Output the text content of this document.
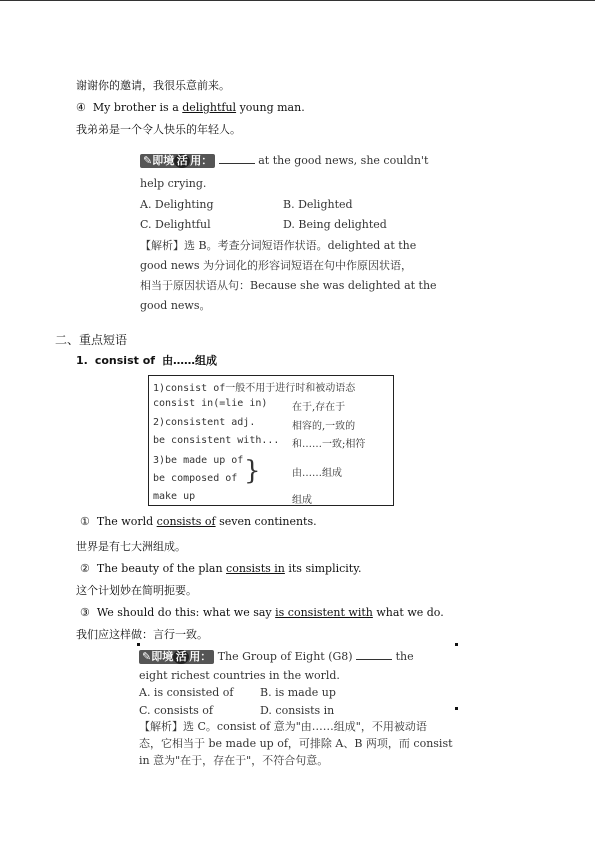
谢谢你的邀请，我很乐意前来。
④ My brother is a delightful young man.
我弟弟是一个令人快乐的年轻人。
✎即境 活 用：	at the good news, she couldn't
help crying.
A. Delighting	B. Delighted
C. Delightful	D. Being delighted
【解析】选 B。考查分词短语作状语。delighted at the
good news 为分词化的形容词短语在句中作原因状语，
相当于原因状语从句：Because she was delighted at the
good news。
二、重点短语
1. consist of 由……组成
1)consist of一般不用于进行时和被动语态
consist in(=lie in) 在于,存在于
2)consistent adj.	相容的,一致的
be consistent with... 和……一致;相符
3)be made up of
be composed of }	由……组成
make up	组成
① The world consists of seven continents.
世界是有七大洲组成。
② The beauty of the plan consists in its simplicity.
这个计划妙在简明扼要。
③ We should do this: what we say is consistent with what we do.
我们应这样做：言行一致。
✎即境 活 用： The Group of Eight (G8)	the
eight richest countries in the world.
A. is consisted of B. is made up
C. consists of	D. consists in
【解析】选 C。consist of 意为"由……组成"，不用被动语
态，它相当于 be made up of，可排除 A、B 两项，而 consist
in 意为"在于，存在于"，不符合句意。
